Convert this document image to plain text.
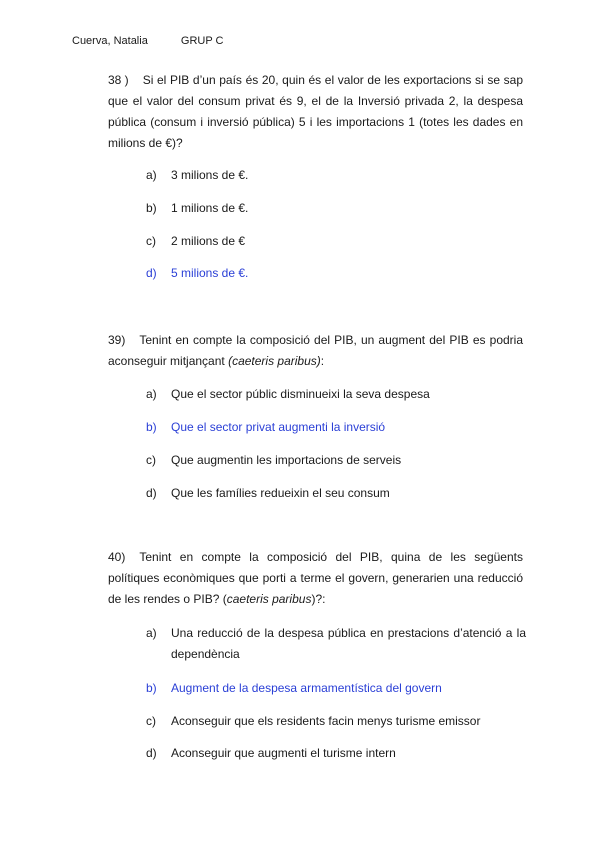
Cuerva, Natalia	GRUP C
38 ) Si el PIB d’un país és 20, quin és el valor de les exportacions si se sap que el valor del consum privat és 9, el de la Inversió privada 2, la despesa pública (consum i inversió pública) 5 i les importacions 1 (totes les dades en milions de €)?
a) 3 milions de €.
b) 1 milions de €.
c) 2 milions de €
d) 5 milions de €.
39) Tenint en compte la composició del PIB, un augment del PIB es podria aconseguir mitjançant (caeteris paribus):
a) Que el sector públic disminueixi la seva despesa
b) Que el sector privat augmenti la inversió
c) Que augmentin les importacions de serveis
d) Que les famílies redueixin el seu consum
40) Tenint en compte la composició del PIB, quina de les següents polítiques econòmiques que porti a terme el govern, generarien una reducció de les rendes o PIB? (caeteris paribus)?:
a)	Una reducció de la despesa pública en prestacions d’atenció a la dependència
b) Augment de la despesa armamentística del govern
c) Aconseguir que els residents facin menys turisme emissor
d) Aconseguir que augmenti el turisme intern
